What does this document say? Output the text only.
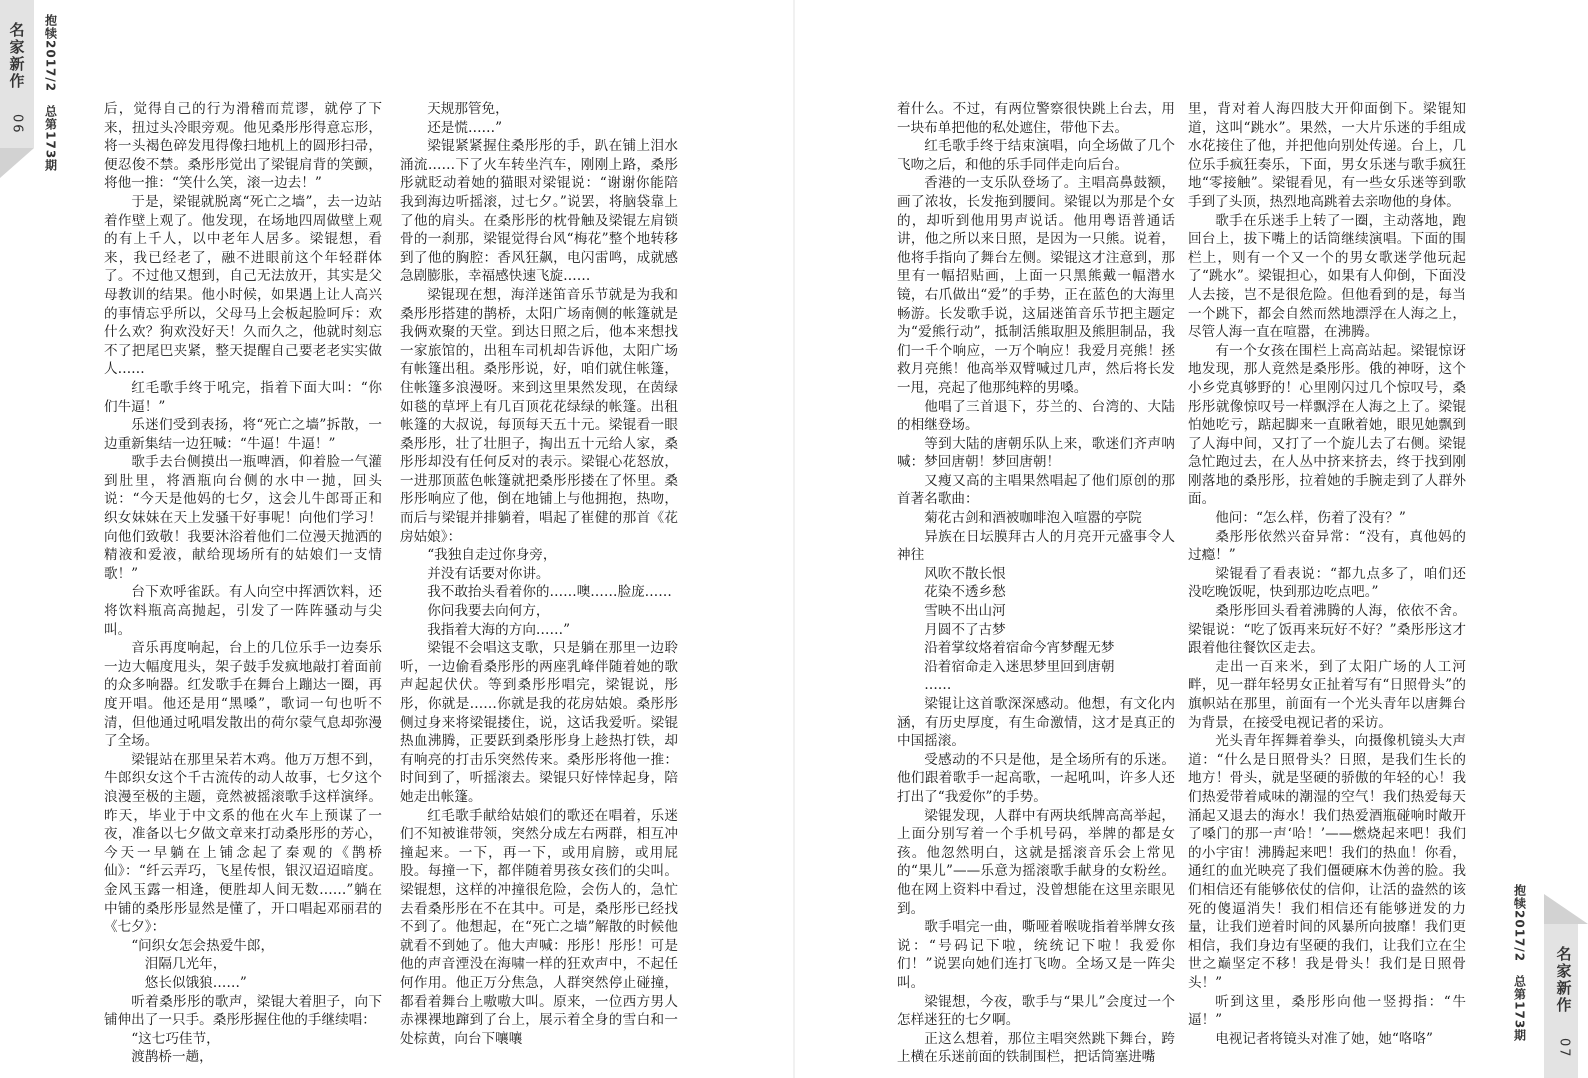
名家新作
06 抱犊2017/2　总第173期
抱犊2017/2　总第173期 名家新作
07

后，觉得自己的行为滑稽而荒谬，就停了下来，扭过头冷眼旁观。他见桑彤彤得意忘形，将一头褐色碎发甩得像扫地机上的圆形扫帚，便忍俊不禁。桑彤彤觉出了梁锟肩背的笑颤，将他一推：“笑什么笑，滚一边去！”

于是，梁锟就脱离“死亡之墙”，去一边站着作壁上观了。他发现，在场地四周做壁上观的有上千人，以中老年人居多。梁锟想，看来，我已经老了，融不进眼前这个年轻群体了。不过他又想到，自己无法放开，其实是父母教训的结果。他小时候，如果遇上让人高兴的事情忘乎所以，父母马上会板起脸呵斥：欢什么欢？狗欢没好天！久而久之，他就时刻忘不了把尾巴夹紧，整天提醒自己要老老实实做人……

红毛歌手终于吼完，指着下面大叫：“你们牛逼！”

乐迷们受到表扬，将“死亡之墙”拆散，一边重新集结一边狂喊：“牛逼！牛逼！”

歌手去台侧摸出一瓶啤酒，仰着脸一气灌到肚里，将酒瓶向台侧的水中一抛，回头说：“今天是他妈的七夕，这会儿牛郎哥正和织女妹妹在天上发骚干好事呢！向他们学习！向他们致敬！我要沐浴着他们二位漫天抛洒的精液和爱液，献给现场所有的姑娘们一支情歌！”

台下欢呼雀跃。有人向空中挥洒饮料，还将饮料瓶高高抛起，引发了一阵阵骚动与尖叫。

音乐再度响起，台上的几位乐手一边奏乐一边大幅度甩头，架子鼓手发疯地敲打着面前的众多响器。红发歌手在舞台上蹦达一圈，再度开唱。他还是用“黑嗓”，歌词一句也听不清，但他通过吼唱发散出的荷尔蒙气息却弥漫了全场。

梁锟站在那里呆若木鸡。他万万想不到，牛郎织女这个千古流传的动人故事，七夕这个浪漫至极的主题，竟然被摇滚歌手这样演绎。昨天，毕业于中文系的他在火车上预谋了一夜，准备以七夕做文章来打动桑彤彤的芳心，今天一早躺在上铺念起了秦观的《鹊桥仙》：“纤云弄巧，飞星传恨，银汉迢迢暗度。金风玉露一相逢，便胜却人间无数……”躺在中铺的桑彤彤显然是懂了，开口唱起邓丽君的《七夕》：

“问织女怎会热爱牛郎，

　泪隔几光年，

　悠长似饿狼……”

听着桑彤彤的歌声，梁锟大着胆子，向下铺伸出了一只手。桑彤彤握住他的手继续唱：

“这七巧佳节，

渡鹊桥一趟，

天规那管免，

还是慌……”

梁锟紧紧握住桑彤彤的手，趴在铺上泪水涌流……下了火车转坐汽车，刚刚上路，桑彤彤就眨动着她的猫眼对梁锟说：“谢谢你能陪我到海边听摇滚，过七夕。”说罢，将脑袋靠上了他的肩头。在桑彤彤的枕骨触及梁锟左肩锁骨的一刹那，梁锟觉得台风“梅花”整个地转移到了他的胸腔：香风狂飙，电闪雷鸣，成就感急剧膨胀，幸福感快速飞旋……

梁锟现在想，海洋迷笛音乐节就是为我和桑彤彤搭建的鹊桥，太阳广场南侧的帐篷就是我俩欢聚的天堂。到达日照之后，他本来想找一家旅馆的，出租车司机却告诉他，太阳广场有帐篷出租。桑彤彤说，好，咱们就住帐篷，住帐篷多浪漫呀。来到这里果然发现，在茵绿如毯的草坪上有几百顶花花绿绿的帐篷。出租帐篷的大叔说，每顶每天五十元。梁锟看一眼桑彤彤，壮了壮胆子，掏出五十元给人家，桑彤彤却没有任何反对的表示。梁锟心花怒放，一进那顶蓝色帐篷就把桑彤彤搂在了怀里。桑彤彤响应了他，倒在地铺上与他拥抱，热吻，而后与梁锟并排躺着，唱起了崔健的那首《花房姑娘》：

“我独自走过你身旁，

并没有话要对你讲。

我不敢抬头看着你的……噢……脸庞……

你问我要去向何方，

我指着大海的方向……”

梁锟不会唱这支歌，只是躺在那里一边聆听，一边偷看桑彤彤的两座乳峰伴随着她的歌声起起伏伏。等到桑彤彤唱完，梁锟说，彤彤，你就是……你就是我的花房姑娘。桑彤彤侧过身来将梁锟搂住，说，这话我爱听。梁锟热血沸腾，正要跃到桑彤彤身上趁热打铁，却有响亮的打击乐突然传来。桑彤彤将他一推：时间到了，听摇滚去。梁锟只好悻悻起身，陪她走出帐篷。

红毛歌手献给姑娘们的歌还在唱着，乐迷们不知被谁带领，突然分成左右两群，相互冲撞起来。一下，再一下，或用肩膀，或用屁股。每撞一下，都伴随着男孩女孩们的尖叫。梁锟想，这样的冲撞很危险，会伤人的，急忙去看桑彤彤在不在其中。可是，桑彤彤已经找不到了。他想起，在“死亡之墙”解散的时候他就看不到她了。他大声喊：彤彤！彤彤！可是他的声音湮没在海啸一样的狂欢声中，不起任何作用。他正万分焦急，人群突然停止碰撞，都看着舞台上嗷嗷大叫。原来，一位西方男人赤裸裸地蹿到了台上，展示着全身的雪白和一处棕黄，向台下嚷嚷

着什么。不过，有两位警察很快跳上台去，用一块布单把他的私处遮住，带他下去。

红毛歌手终于结束演唱，向全场做了几个飞吻之后，和他的乐手同伴走向后台。

香港的一支乐队登场了。主唱高鼻鼓额，画了浓妆，长发拖到腰间。梁锟以为那是个女的，却听到他用男声说话。他用粤语普通话讲，他之所以来日照，是因为一只熊。说着，他将手指向了舞台左侧。梁锟这才注意到，那里有一幅招贴画，上面一只黑熊戴一幅潜水镜，右爪做出“爱”的手势，正在蓝色的大海里畅游。长发歌手说，这届迷笛音乐节把主题定为“爱熊行动”，抵制活熊取胆及熊胆制品，我们一千个响应，一万个响应！我爱月亮熊！拯救月亮熊！他高举双臂喊过几声，然后将长发一甩，亮起了他那纯粹的男嗓。

他唱了三首退下，芬兰的、台湾的、大陆的相继登场。

等到大陆的唐朝乐队上来，歌迷们齐声呐喊：梦回唐朝！梦回唐朝！

又瘦又高的主唱果然唱起了他们原创的那首著名歌曲：

菊花古剑和酒被咖啡泡入喧嚣的亭院

异族在日坛膜拜古人的月亮开元盛事令人神往

风吹不散长恨

花染不透乡愁

雪映不出山河

月圆不了古梦

沿着掌纹烙着宿命今宵梦醒无梦

沿着宿命走入迷思梦里回到唐朝

……

梁锟让这首歌深深感动。他想，有文化内涵，有历史厚度，有生命激情，这才是真正的中国摇滚。

受感动的不只是他，是全场所有的乐迷。他们跟着歌手一起高歌，一起吼叫，许多人还打出了“我爱你”的手势。

梁锟发现，人群中有两块纸牌高高举起，上面分别写着一个手机号码，举牌的都是女孩。他忽然明白，这就是摇滚音乐会上常见的“果儿”——乐意为摇滚歌手献身的女粉丝。他在网上资料中看过，没曾想能在这里亲眼见到。

歌手唱完一曲，嘶哑着喉咙指着举牌女孩说：“号码记下啦，统统记下啦！我爱你们！”说罢向她们连打飞吻。全场又是一阵尖叫。

梁锟想，今夜，歌手与“果儿”会度过一个怎样迷狂的七夕啊。

正这么想着，那位主唱突然跳下舞台，跨上横在乐迷前面的铁制围栏，把话筒塞进嘴

里，背对着人海四肢大开仰面倒下。梁锟知道，这叫“跳水”。果然，一大片乐迷的手组成水花接住了他，并把他向别处传递。台上，几位乐手疯狂奏乐，下面，男女乐迷与歌手疯狂地“零接触”。梁锟看见，有一些女乐迷等到歌手到了头顶，热烈地高跳着去亲吻他的身体。

歌手在乐迷手上转了一圈，主动落地，跑回台上，拔下嘴上的话筒继续演唱。下面的围栏上，则有一个又一个的男女歌迷学他玩起了“跳水”。梁锟担心，如果有人仰倒，下面没人去接，岂不是很危险。但他看到的是，每当一个跳下，都会自然而然地漂浮在人海之上，尽管人海一直在喧嚣，在沸腾。

有一个女孩在围栏上高高站起。梁锟惊讶地发现，那人竟然是桑彤彤。俄的神呀，这个小乡党真够野的！心里刚闪过几个惊叹号，桑彤彤就像惊叹号一样飘浮在人海之上了。梁锟怕她吃亏，踮起脚来一直瞅着她，眼见她飘到了人海中间，又打了一个旋儿去了右侧。梁锟急忙跑过去，在人丛中挤来挤去，终于找到刚刚落地的桑彤彤，拉着她的手腕走到了人群外面。

他问：“怎么样，伤着了没有？”

桑彤彤依然兴奋异常：“没有，真他妈的过瘾！”

梁锟看了看表说：“都九点多了，咱们还没吃晚饭呢，快到那边吃点吧。”

桑彤彤回头看着沸腾的人海，依依不舍。梁锟说：“吃了饭再来玩好不好？”桑彤彤这才跟着他往餐饮区走去。

走出一百来米，到了太阳广场的人工河畔，见一群年轻男女正扯着写有“日照骨头”的旗帜站在那里，前面有一个光头青年以唐舞台为背景，在接受电视记者的采访。

光头青年挥舞着拳头，向摄像机镜头大声道：“什么是日照骨头？日照，是我们生长的地方！骨头，就是坚硬的骄傲的年轻的心！我们热爱带着咸味的潮湿的空气！我们热爱每天涌起又退去的海水！我们热爱酒瓶碰响时敞开了嗓门的那一声‘哈！’——燃烧起来吧！我们的小宇宙！沸腾起来吧！我们的热血！你看，通红的血光映亮了我们僵硬麻木伪善的脸。我们相信还有能够依仗的信仰，让活的盎然的该死的傻逼消失！我们相信还有能够迸发的力量，让我们逆着时间的风暴所向披靡！我们更相信，我们身边有坚硬的我们，让我们立在尘世之巅坚定不移！我是骨头！我们是日照骨头！”

听到这里，桑彤彤向他一竖拇指：“牛逼！”

电视记者将镜头对准了她，她“咯咯”
